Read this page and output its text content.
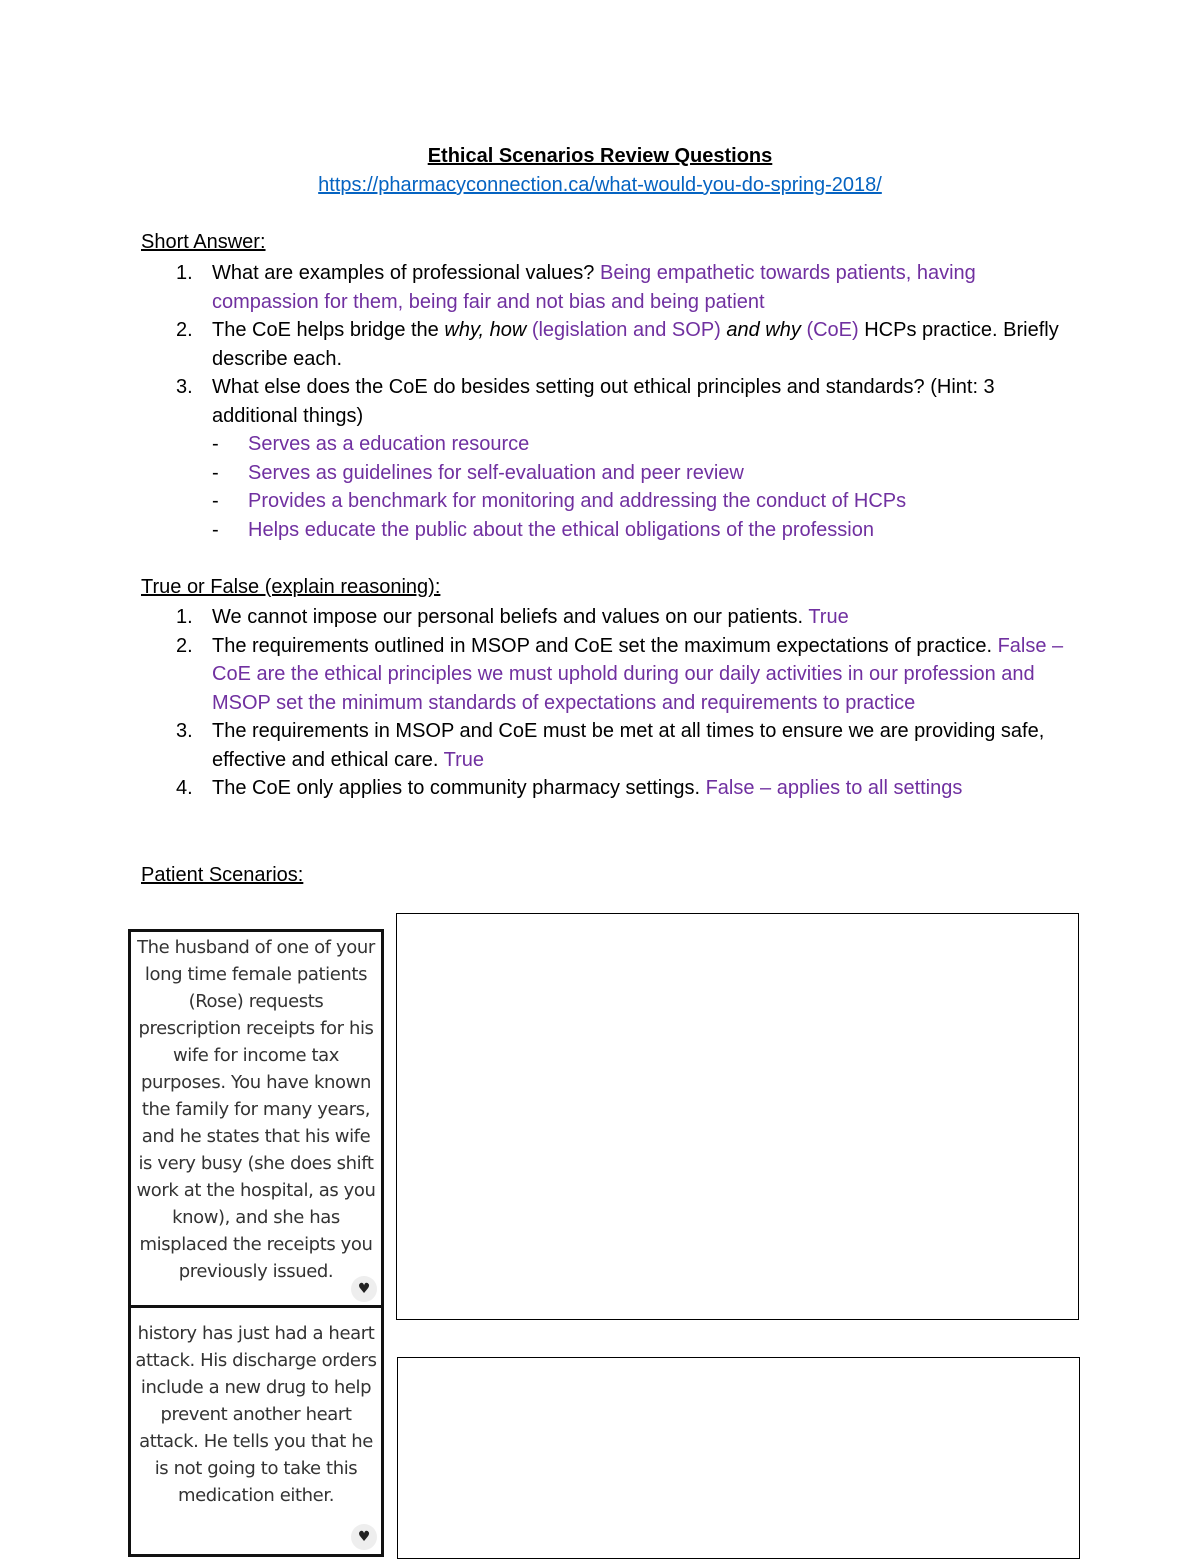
Ethical Scenarios Review Questions
https://pharmacyconnection.ca/what-would-you-do-spring-2018/
Short Answer:
1. What are examples of professional values? Being empathetic towards patients, having compassion for them, being fair and not bias and being patient
2. The CoE helps bridge the why, how (legislation and SOP) and why (CoE) HCPs practice. Briefly describe each.
3. What else does the CoE do besides setting out ethical principles and standards? (Hint: 3 additional things)
- Serves as a education resource
- Serves as guidelines for self-evaluation and peer review
- Provides a benchmark for monitoring and addressing the conduct of HCPs
- Helps educate the public about the ethical obligations of the profession
True or False (explain reasoning):
1. We cannot impose our personal beliefs and values on our patients. True
2. The requirements outlined in MSOP and CoE set the maximum expectations of practice. False – CoE are the ethical principles we must uphold during our daily activities in our profession and MSOP set the minimum standards of expectations and requirements to practice
3. The requirements in MSOP and CoE must be met at all times to ensure we are providing safe, effective and ethical care. True
4. The CoE only applies to community pharmacy settings. False – applies to all settings
Patient Scenarios:
The husband of one of your long time female patients (Rose) requests prescription receipts for his wife for income tax purposes. You have known the family for many years, and he states that his wife is very busy (she does shift work at the hospital, as you know), and she has misplaced the receipts you previously issued.
♥
history has just had a heart attack. His discharge orders include a new drug to help prevent another heart attack. He tells you that he is not going to take this medication either.
♥
